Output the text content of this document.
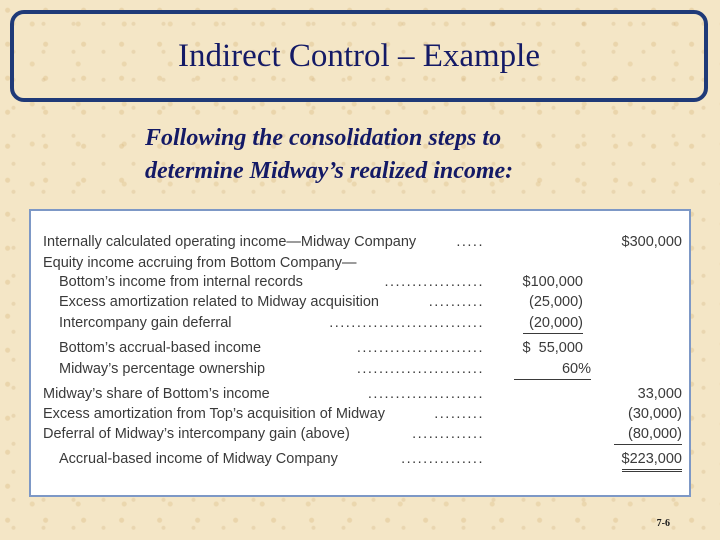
Indirect Control – Example
Following the consolidation steps to
determine Midway’s realized income:
Internally calculated operating income—Midway Company	.....	$300,000
Equity income accruing from Bottom Company—
Bottom’s income from internal records	..................	$100,000
Excess amortization related to Midway acquisition	..........	(25,000)
Intercompany gain deferral	............................	(20,000)
Bottom’s accrual-based income	.......................	$  55,000
Midway’s percentage ownership	.......................	60%
Midway’s share of Bottom’s income	.....................	33,000
Excess amortization from Top’s acquisition of Midway	.........	(30,000)
Deferral of Midway’s intercompany gain (above)	.............	(80,000)
Accrual-based income of Midway Company	...............	$223,000
7-6
